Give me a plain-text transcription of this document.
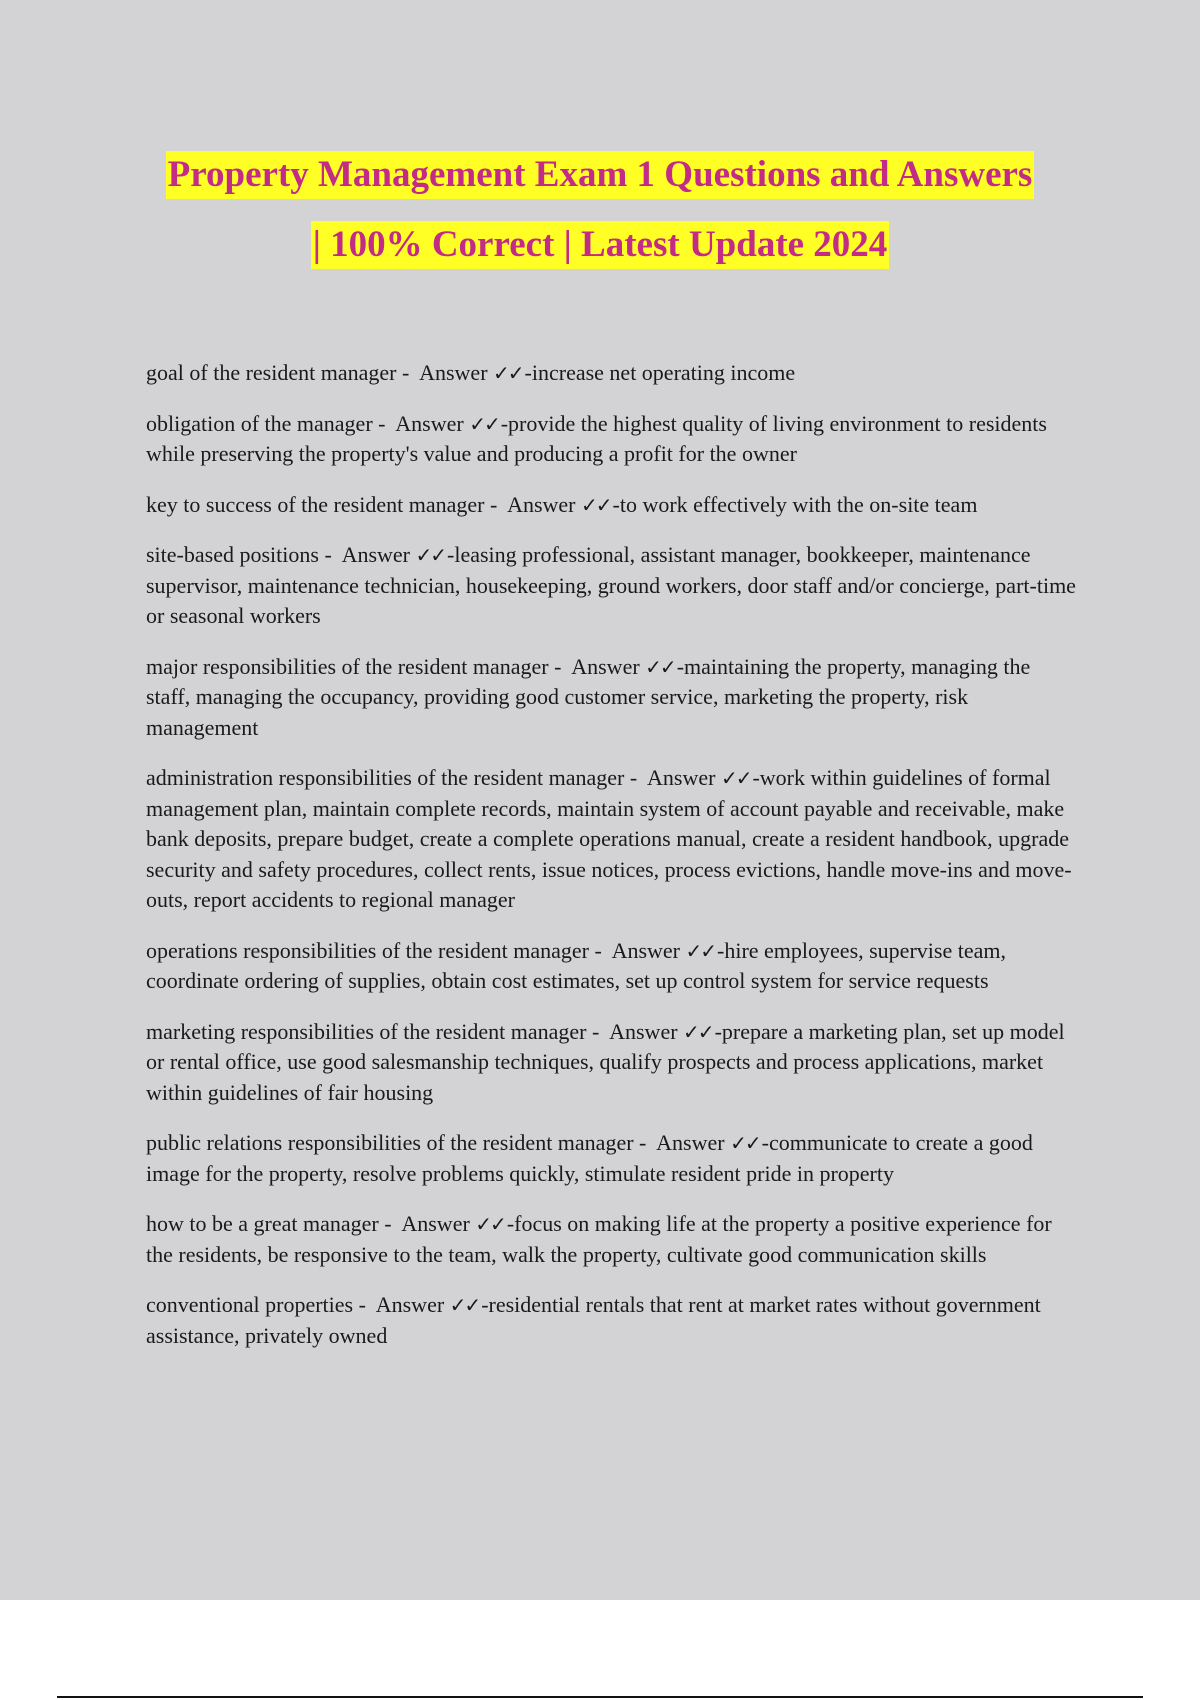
Property Management Exam 1 Questions and Answers
| 100% Correct | Latest Update 2024

goal of the resident manager -  Answer ✓✓-increase net operating income

obligation of the manager -  Answer ✓✓-provide the highest quality of living environment to residents while preserving the property's value and producing a profit for the owner

key to success of the resident manager -  Answer ✓✓-to work effectively with the on-site team

site-based positions -  Answer ✓✓-leasing professional, assistant manager, bookkeeper, maintenance supervisor, maintenance technician, housekeeping, ground workers, door staff and/or concierge, part-time or seasonal workers

major responsibilities of the resident manager -  Answer ✓✓-maintaining the property, managing the staff, managing the occupancy, providing good customer service, marketing the property, risk management

administration responsibilities of the resident manager -  Answer ✓✓-work within guidelines of formal management plan, maintain complete records, maintain system of account payable and receivable, make bank deposits, prepare budget, create a complete operations manual, create a resident handbook, upgrade security and safety procedures, collect rents, issue notices, process evictions, handle move-ins and move-outs, report accidents to regional manager

operations responsibilities of the resident manager -  Answer ✓✓-hire employees, supervise team, coordinate ordering of supplies, obtain cost estimates, set up control system for service requests

marketing responsibilities of the resident manager -  Answer ✓✓-prepare a marketing plan, set up model or rental office, use good salesmanship techniques, qualify prospects and process applications, market within guidelines of fair housing

public relations responsibilities of the resident manager -  Answer ✓✓-communicate to create a good image for the property, resolve problems quickly, stimulate resident pride in property

how to be a great manager -  Answer ✓✓-focus on making life at the property a positive experience for the residents, be responsive to the team, walk the property, cultivate good communication skills

conventional properties -  Answer ✓✓-residential rentals that rent at market rates without government assistance, privately owned
